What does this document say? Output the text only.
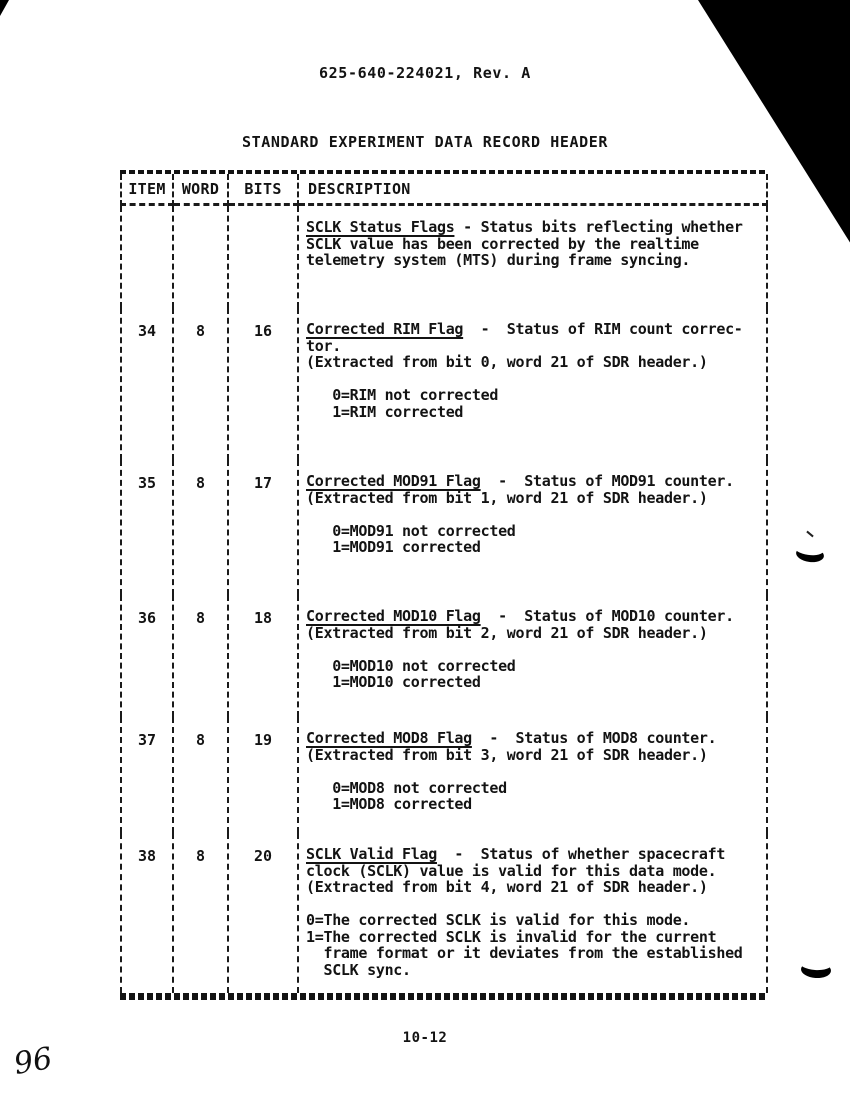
625-640-224021, Rev. A
STANDARD EXPERIMENT DATA RECORD HEADER
ITEM	WORD	BITS	DESCRIPTION
SCLK Status Flags - Status bits reflecting whether
SCLK value has been corrected by the realtime
telemetry system (MTS) during frame syncing.
34	8	16	Corrected RIM Flag  -  Status of RIM count correc-
tor.
(Extracted from bit 0, word 21 of SDR header.)
0=RIM not corrected
1=RIM corrected
35	8	17	Corrected MOD91 Flag  -  Status of MOD91 counter.
(Extracted from bit 1, word 21 of SDR header.)
0=MOD91 not corrected
1=MOD91 corrected
36	8	18	Corrected MOD10 Flag  -  Status of MOD10 counter.
(Extracted from bit 2, word 21 of SDR header.)
0=MOD10 not corrected
1=MOD10 corrected
37	8	19	Corrected MOD8 Flag  -  Status of MOD8 counter.
(Extracted from bit 3, word 21 of SDR header.)
0=MOD8 not corrected
1=MOD8 corrected
38	8	20	SCLK Valid Flag  -  Status of whether spacecraft
clock (SCLK) value is valid for this data mode.
(Extracted from bit 4, word 21 of SDR header.)
0=The corrected SCLK is valid for this mode.
1=The corrected SCLK is invalid for the current
frame format or it deviates from the established
SCLK sync.
10-12
96
